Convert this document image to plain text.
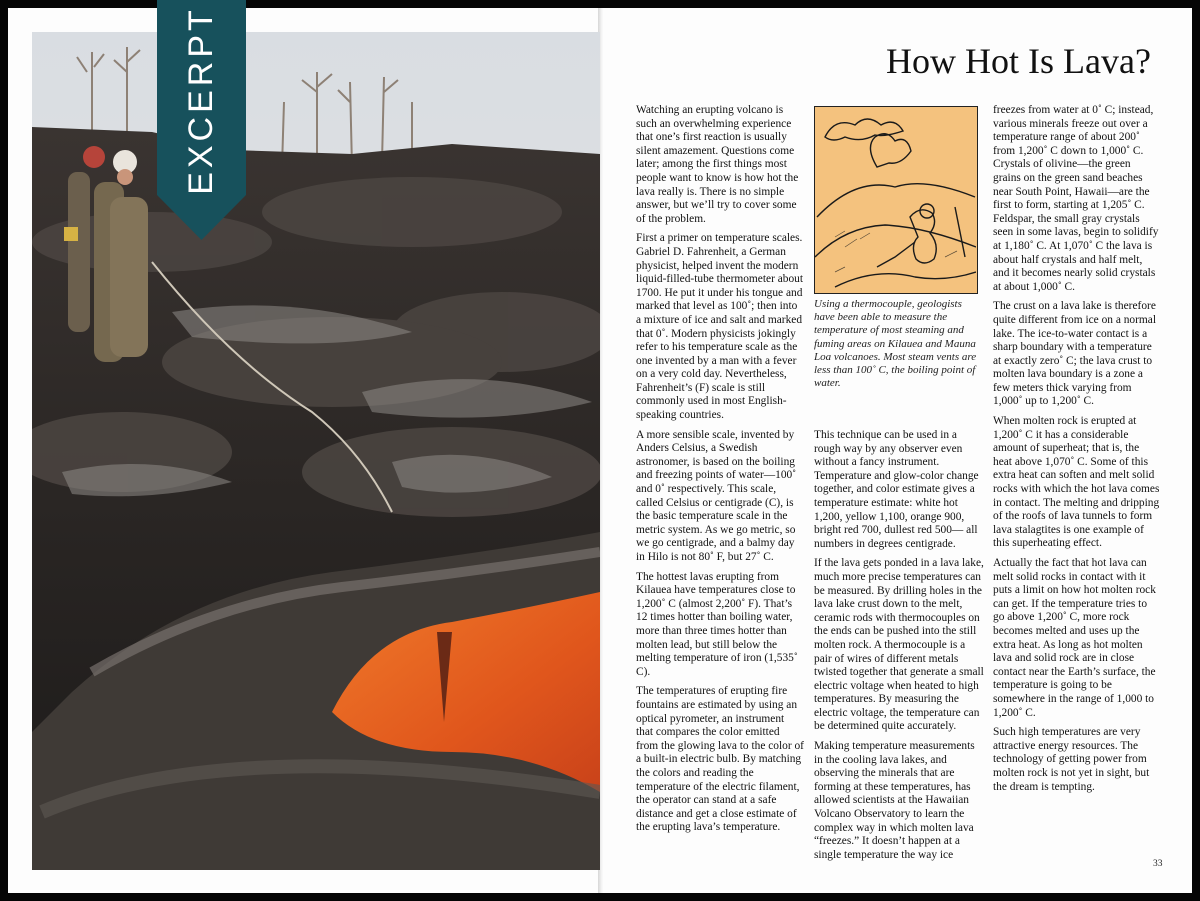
EXCERPT	How Hot Is Lava?

Watching an erupting volcano is such an overwhelming experience that one’s first reaction is usually silent amazement. Questions come later; among the first things most people want to know is how hot the lava really is. There is no simple answer, but we’ll try to cover some of the problem.

First a primer on temperature scales. Gabriel D. Fahrenheit, a German physicist, helped invent the modern liquid-filled-tube thermometer about 1700. He put it under his tongue and marked that level as 100˚; then into a mixture of ice and salt and marked that 0˚. Modern physicists jokingly refer to his temperature scale as the one invented by a man with a fever on a very cold day. Nevertheless, Fahrenheit’s (F) scale is still commonly used in most English-speaking countries.

A more sensible scale, invented by Anders Celsius, a Swedish astronomer, is based on the boiling and freezing points of water—100˚ and 0˚ respectively. This scale, called Celsius or centigrade (C), is the basic temperature scale in the metric system. As we go metric, so we go centigrade, and a balmy day in Hilo is not 80˚ F, but 27˚ C.

The hottest lavas erupting from Kilauea have temperatures close to 1,200˚ C (almost 2,200˚ F). That’s 12 times hotter than boiling water, more than three times hotter than molten lead, but still below the melting temperature of iron (1,535˚ C).

The temperatures of erupting fire fountains are estimated by using an optical pyrometer, an instrument that compares the color emitted from the glowing lava to the color of a built-in electric bulb. By matching the colors and reading the temperature of the electric filament, the operator can stand at a safe distance and get a close estimate of the erupting lava’s temperature.

Using a thermocouple, geologists have been able to measure the temperature of most steaming and fuming areas on Kilauea and Mauna Loa volcanoes. Most steam vents are less than 100˚ C, the boiling point of water.

This technique can be used in a rough way by any observer even without a fancy instrument. Temperature and glow-color change together, and color estimate gives a temperature estimate: white hot 1,200, yellow 1,100, orange 900, bright red 700, dullest red 500— all numbers in degrees centigrade.

If the lava gets ponded in a lava lake, much more precise temperatures can be measured. By drilling holes in the lava lake crust down to the melt, ceramic rods with thermocouples on the ends can be pushed into the still molten rock. A thermocouple is a pair of wires of different metals twisted together that generate a small electric voltage when heated to high temperatures. By measuring the electric voltage, the temperature can be determined quite accurately.

Making temperature measurements in the cooling lava lakes, and observing the minerals that are forming at these temperatures, has allowed scientists at the Hawaiian Volcano Observatory to learn the complex way in which molten lava “freezes.” It doesn’t happen at a single temperature the way ice

freezes from water at 0˚ C; instead, various minerals freeze out over a temperature range of about 200˚ from 1,200˚ C down to 1,000˚ C. Crystals of olivine—the green grains on the green sand beaches near South Point, Hawaii—are the first to form, starting at 1,205˚ C. Feldspar, the small gray crystals seen in some lavas, begin to solidify at 1,180˚ C. At 1,070˚ C the lava is about half crystals and half melt, and it becomes nearly solid crystals at about 1,000˚ C.

The crust on a lava lake is therefore quite different from ice on a normal lake. The ice-to-water contact is a sharp boundary with a temperature at exactly zero˚ C; the lava crust to molten lava boundary is a zone a few meters thick varying from 1,000˚ up to 1,200˚ C.

When molten rock is erupted at 1,200˚ C it has a considerable amount of superheat; that is, the heat above 1,070˚ C. Some of this extra heat can soften and melt solid rocks with which the hot lava comes in contact. The melting and dripping of the roofs of lava tunnels to form lava stalagtites is one example of this superheating effect.

Actually the fact that hot lava can melt solid rocks in contact with it puts a limit on how hot molten rock can get. If the temperature tries to go above 1,200˚ C, more rock becomes melted and uses up the extra heat. As long as hot molten lava and solid rock are in close contact near the Earth’s surface, the temperature is going to be somewhere in the range of 1,000 to 1,200˚ C.

Such high temperatures are very attractive energy resources. The technology of getting power from molten rock is not yet in sight, but the dream is tempting.

33
